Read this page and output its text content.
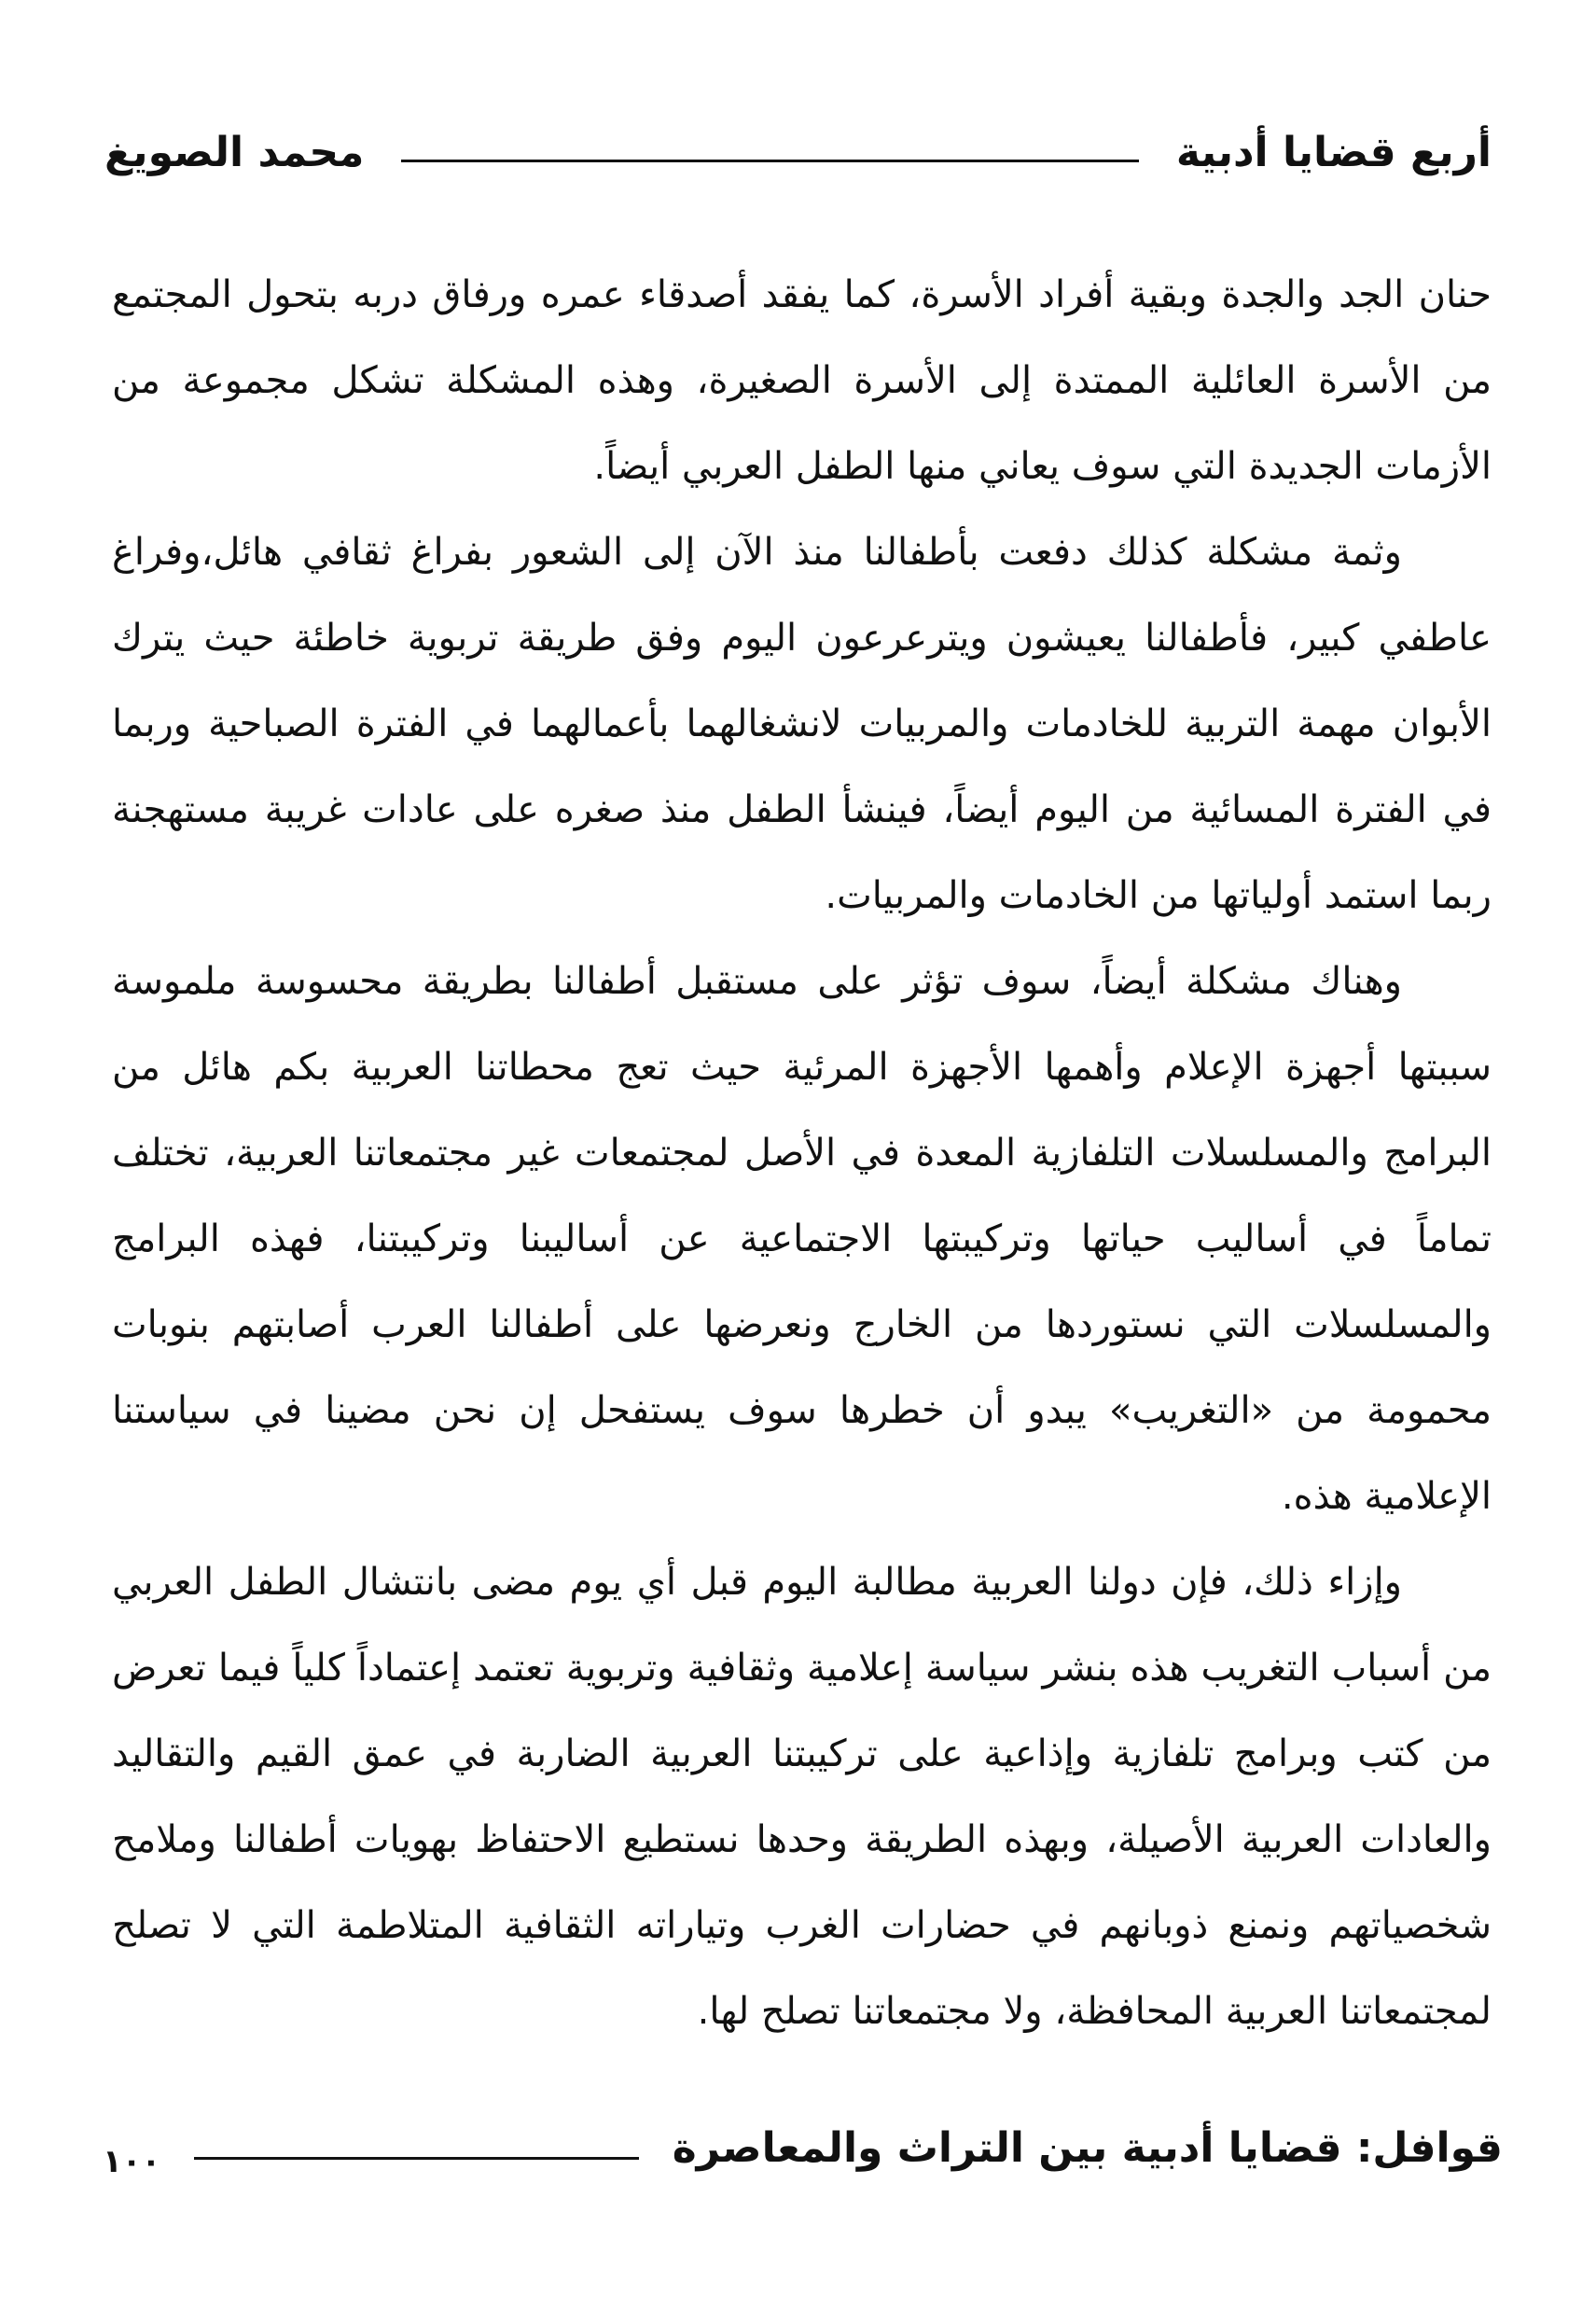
أربع قضايا أدبية
محمد الصويغ

حنان الجد والجدة وبقية أفراد الأسرة، كما يفقد أصدقاء عمره ورفاق دربه بتحول المجتمع من الأسرة العائلية الممتدة إلى الأسرة الصغيرة، وهذه المشكلة تشكل مجموعة من الأزمات الجديدة التي سوف يعاني منها الطفل العربي أيضاً.

وثمة مشكلة كذلك دفعت بأطفالنا منذ الآن إلى الشعور بفراغ ثقافي هائل،وفراغ عاطفي كبير، فأطفالنا يعيشون ويترعرعون اليوم وفق طريقة تربوية خاطئة حيث يترك الأبوان مهمة التربية للخادمات والمربيات لانشغالهما بأعمالهما في الفترة الصباحية وربما في الفترة المسائية من اليوم أيضاً، فينشأ الطفل منذ صغره على عادات غريبة مستهجنة ربما استمد أولياتها من الخادمات والمربيات.

وهناك مشكلة أيضاً، سوف تؤثر على مستقبل أطفالنا بطريقة محسوسة ملموسة سببتها أجهزة الإعلام وأهمها الأجهزة المرئية حيث تعج محطاتنا العربية بكم هائل من البرامج والمسلسلات التلفازية المعدة في الأصل لمجتمعات غير مجتمعاتنا العربية، تختلف تماماً في أساليب حياتها وتركيبتها الاجتماعية عن أساليبنا وتركيبتنا، فهذه البرامج والمسلسلات التي نستوردها من الخارج ونعرضها على أطفالنا العرب أصابتهم بنوبات محمومة من «التغريب» يبدو أن خطرها سوف يستفحل إن نحن مضينا في سياستنا الإعلامية هذه.

وإزاء ذلك، فإن دولنا العربية مطالبة اليوم قبل أي يوم مضى بانتشال الطفل العربي من أسباب التغريب هذه بنشر سياسة إعلامية وثقافية وتربوية تعتمد إعتماداً كلياً فيما تعرض من كتب وبرامج تلفازية وإذاعية على تركيبتنا العربية الضاربة في عمق القيم والتقاليد والعادات العربية الأصيلة، وبهذه الطريقة وحدها نستطيع الاحتفاظ بهويات أطفالنا وملامح شخصياتهم ونمنع ذوبانهم في حضارات الغرب وتياراته الثقافية المتلاطمة التي لا تصلح لمجتمعاتنا العربية المحافظة، ولا مجتمعاتنا تصلح لها.

قوافل: قضايا أدبية بين التراث والمعاصرة
١٠٠
